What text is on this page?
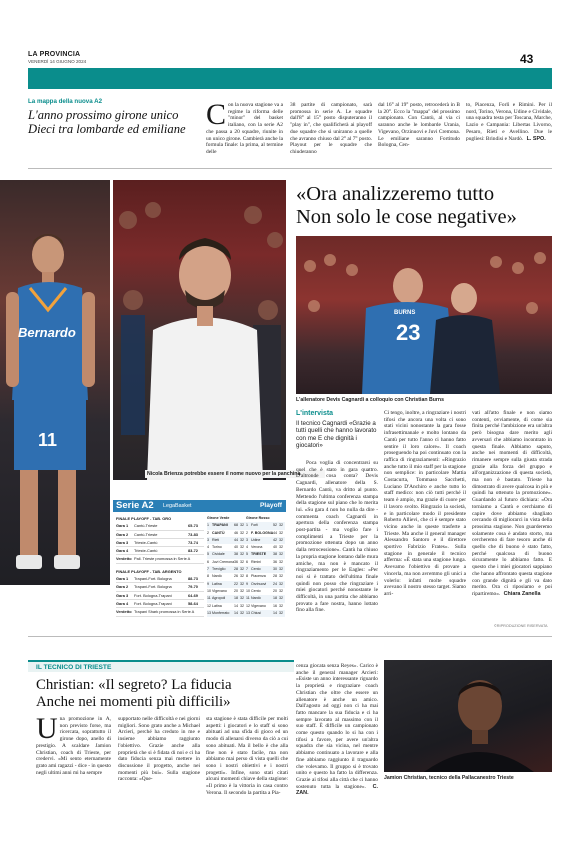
LA PROVINCIA
VENERDÌ 14 GIUGNO 2024	43
La mappa della nuova A2
L'anno prossimo girone unico
Dieci tra lombarde ed emiliane Con la nuova stagione va a regime la riforma delle "minor" del basket italiano, con la serie A2 che passa a 20 squadre, riunite in un unico girone. Cambierà anche la formula finale: la prima, al termine delle
38 partite di campionato, sarà promossa in serie A. Le squadre dall'8° al 15° posto disputeranno il "play in", che qualificherà ai playoff due squadre che si uniranno a quelle che avranno chiuso dal 2° al 7° posto. Playout per le squadre che chiuderanno
dal 16° al 19° posto, retrocederà in B la 20°. Ecco la "mappa" del prossimo campionato. Con Cantù, al via ci saranno anche le lombarde Urania, Vigevano, Orzinuovi e Juvi Cremona. Le emiliane saranno Fortitudo Bologna, Cen-
to, Piacenza, Forlì e Rimini. Per il nord, Torino, Verona, Udine e Cividale, una squadra testa per Toscana, Marche, Lazio e Campania: Libertas Livorno, Pesaro, Rieti e Avellino. Due le pugliesi: Brindisi e Nardò. L. SPO.
Bernardo
11
Nicola Brienza potrebbe essere il nome nuovo per la panchina
«Ora analizzeremo tutto
Non solo le cose negative»
BURNS
23
L'allenatore Devis Cagnardi a colloquio con Christian Burns
L'intervista
Il tecnico Cagnardi «Grazie a tutti quelli che hanno lavorato con me E che dignità i giocatori»
Poca voglia di concentrarsi su quel che è stato in gara quattro. D'altronde cosa conta? Devis Cagnardi, allenatore della S. Bernardo Cantù, va dritto al punto. Mettendo l'ultima conferenza stampa della stagione sul piano che lo merita lui. «Su gara 4 non ho nulla da dire - commenta coach Cagnardi in apertura della conferenza stampa post-partita - ma voglio fare i complimenti a Trieste per la promozione ottenuta dopo un anno dalla retrocessione». Cantù ha chiuso la propria stagione lontano dalle mura amiche, ma non è mancato il ringraziamento per le Eagles: «Per noi si è trattato dell'ultima finale quindi non posso che ringraziare i miei giocatori perché nonostante le difficoltà, in una partita che abbiamo provato a fare nostra, hanno lottato fino alla fine.
Ci tengo, inoltre, a ringraziare i nostri tifosi che ancora una volta ci sono stati vicini nonostante la gara fosse infrasettimanale e molto lontano da Cantù per tutto l'anno ci hanno fatto sentire il loro calore». Il coach proseguendo ha poi continuato con la raffica di ringraziamenti: «Ringrazio anche tutto il mio staff per la stagione non semplice: in particolare Mattia Costacurta, Tommaso Sacchetti, Luciano D'Anchiro e anche tutto lo staff medico: non ciò tutti perché il team è ampio, ma grazie di cuore per il lavoro svolto. Ringrazio la società, e in particolare modo il presidente Roberto Allievi, che ci è sempre stato vicino anche in queste trasferte a Trieste. Ma anche il general manager Alessandro Santoro e il direttore sportivo Fabrizio Frates». Sulla stagione in generale il tecnico afferma: «È stata una stagione lunga. Avevamo l'obiettivo di provare a vincerla, ma non avremmo gli unici a volerlo: infatti molte squadre avevano il nostro stesso target. Siamo arri-
vati all'atto finale e non siamo contenti, ovviamente, di come sia finita perché l'ambizione era un'altra però bisogna dare merito agli avversari che abbiamo incontrato in questa finale. Abbiamo saputo, anche nei momenti di difficoltà, rimanere sempre sulla giusta strada grazie alla forza del gruppo e all'organizzazione di questa società, ma non è bastato. Trieste ha dimostrato di avere qualcosa in più e quindi ha ottenuto la promozione». Guardando al futuro dichiara: «Ora torniamo a Cantù e cerchiamo di capire dove abbiamo sbagliato cercando di migliorarci in vista della prossima stagione. Non guarderemo solamente cosa è andato storto, ma cercheremo di fare tesoro anche di quello che di buono è stato fatto, perché qualcosa di buono sicuramente lo abbiamo fatto. E questo che i miei giocatori sappiano che hanno affrontato questa stagione con grande dignità e gli va dato merito. Ora ci riposiamo e poi ripartiremo». Chiara Zanella
©RIPRODUZIONE RISERVATA
Serie A2 LegaBasket	Playoff
FINALE PLAYOFF - TAB. ORO
Gara 1	Cantù-Trieste	65-73
Gara 2	Cantù-Trieste	73-83
Gara 3	Trieste-Cantù	73-74
Gara 4	Trieste-Cantù	83-72
Verdetto Pall. Trieste promossa in Serie A
FINALE PLAYOFF - TAB. ARGENTO
Gara 1	Trapani-Fort. Bologna	88-73
Gara 2	Trapani-Fort. Bologna	79-70
Gara 3	Fort. Bologna-Trapani	64-69
Gara 4	Fort. Bologna-Trapani	58-64
Verdetto Trapani Shark promossa in Serie A
Girone Verde	Girone Rosso
1 TRAPANI	68 32
2 CANTÙ	46 32
3 Rieti	44 32
4 Torino	40 32
5 Cividale	38 32
6 Juvi Cremona 36 32
7 Treviglio	28 32
8 Nardò	26 32
9 Latina	22 32
10 Vigevano	20 32
11 Agropoli	18 32
12 Latina	14 32
13 Monferrato	14 32
1 Forlì	52 32
2 F. BOLOGNA 44 32
3 Udine	42 32
4 Verona	40 32
5 TRIESTE	38 32
6 Rimini	36 32
7 Cento	30 32
8 Piacenza	28 32
9 Orzinuovi	24 32
10 Cento	20 32
11 Nardò	18 32
12 Vigevano	16 32
13 Chiusi	14 32
IL TECNICO DI TRIESTE
Christian: «Il segreto? La fiducia
Anche nei momenti più difficili»
Una promozione in A, non previsto forse, ma ricercata, soprattutto il girone dopo, anello di prestigio. A scaldare Jamion Christian, coach di Trieste, per credervi. «Mi sento eternamente grato ami ragazzi - dice - in questo negli ultimi anni mi ha sempre
supportato nelle difficoltà e nei giorni migliori. Sono grato anche a Michael Arcieri, perché ha creduto in me e insieme abbiamo raggiunto l'obiettivo. Grazie anche alla proprietà che si è fidata di noi e ci ha dato fiducia senza mai mettere in discussione il progetto, anche nei momenti più bui». Sulla stagione racconta: «Que-
sta stagione è stata difficile per molti aspetti: i giocatori e lo staff si sono abituati ad una sfida di gioco ed un modo di allenarsi diverso da ciò a cui sono abituati. Ma il bello è che alla fine non è stato facile, ma non abbiamo mai perso di vista quelli che sono i nostri obiettivi e i nostri progetti». Infine, sono stati citati alcuni momenti chiave della stagione: «Il primo è la vittoria in casa contro Verona. Il secondo la partita a Pia-
cenza giocata senza Reyes». Carico è anche il general manager Arcieri: «Esiste un anno interessante riguardo la proprietà e ringraziare coach Christian che oltre che essere un allenatore è anche un amico. Dall'agosto ad oggi non ci ha mai fatto mancare la sua fiducia e ci ha sempre lavorato al massimo con il suo staff. È difficile un campionato come questo quando lo si ha con i tifosi a favore, per avere un'altra squadra che sia vicina, nel mentre abbiamo continuato a lavorare e alla fine abbiamo raggiunto il traguardo che volevamo. Il gruppo si è trovato unito e questo ha fatto la differenza. Grazie ai tifosi alla città che ci hanno sostenuto tutta la stagione». C. ZAN.
Jamion Christian, tecnico della Pallacanestro Trieste
